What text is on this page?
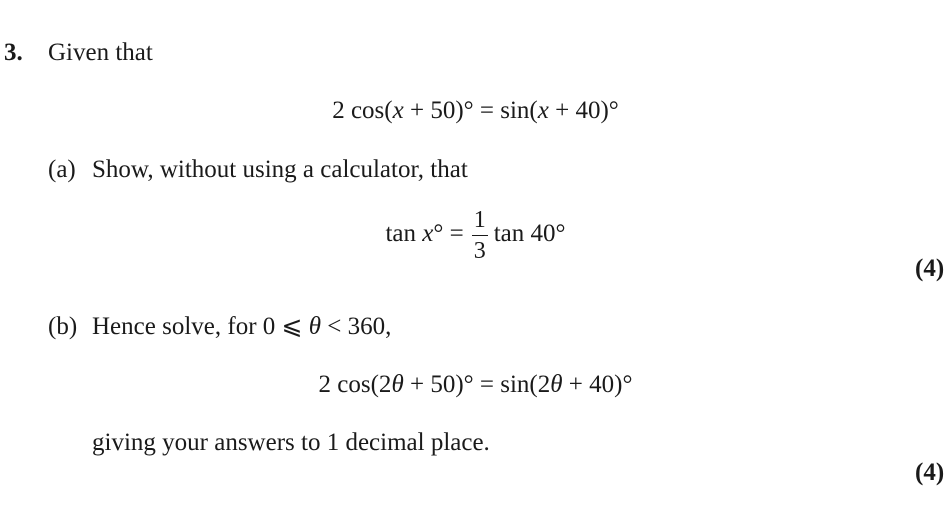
3. Given that
2 cos(x + 50)° = sin(x + 40)°
(a) Show, without using a calculator, that
$\tan x^\circ = \frac{1}{3}$ tan 40°
(4)
(b) Hence solve, for 0 ⩽ θ < 360,
2 cos(2θ + 50)° = sin(2θ + 40)°
giving your answers to 1 decimal place.
(4)
